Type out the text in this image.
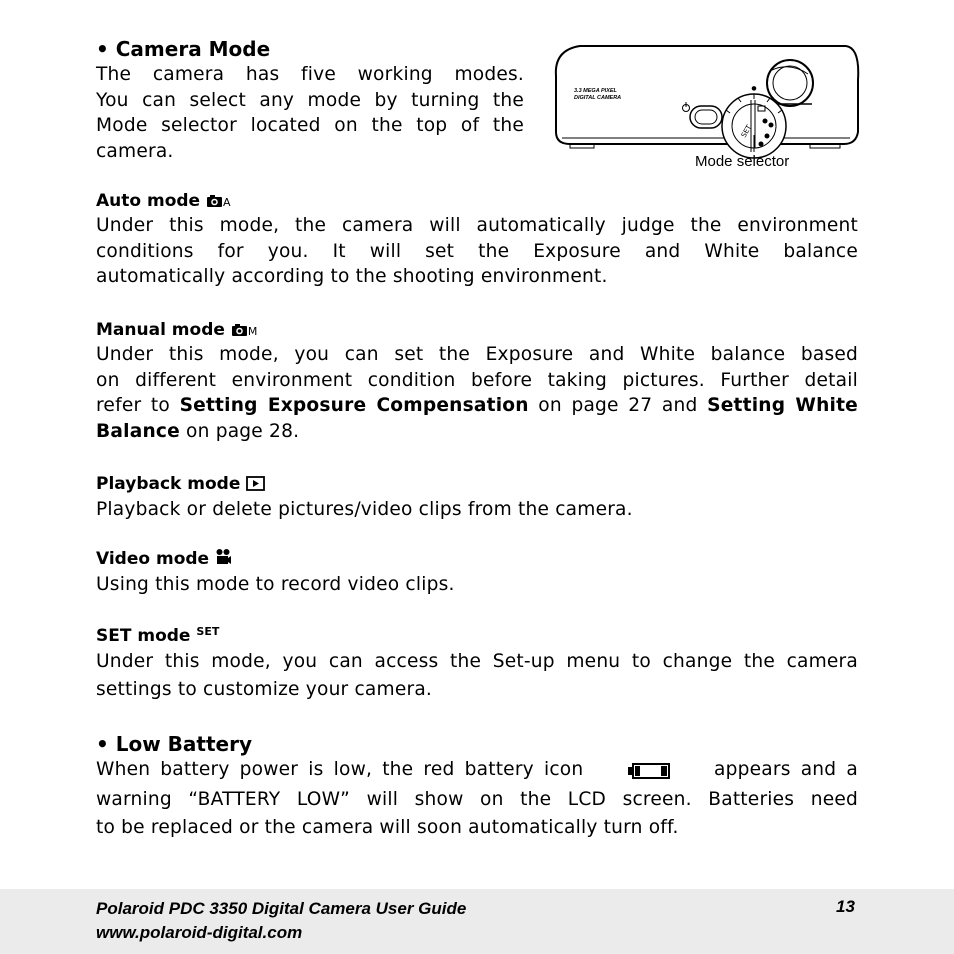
• Camera Mode
The camera has five working modes.
You can select any mode by turning the
Mode selector located on the top of the
camera.
●
SET
3.3 MEGA PIXEL
DIGITAL CAMERA
Mode selector
Auto mode A
Under this mode, the camera will automatically judge the environment
conditions for you. It will set the Exposure and White balance
automatically according to the shooting environment.
Manual mode M
Under this mode, you can set the Exposure and White balance based
on different environment condition before taking pictures. Further detail
refer to Setting Exposure Compensation on page 27 and Setting White
Balance on page 28.
Playback mode
Playback or delete pictures/video clips from the camera.
Video mode
Using this mode to record video clips.
SET mode $^{SET}$
Under this mode, you can access the Set-up menu to change the camera
settings to customize your camera.
• Low Battery
When battery power is low, the red battery icon	appears and a
warning “BATTERY LOW” will show on the LCD screen. Batteries need
to be replaced or the camera will soon automatically turn off.
Polaroid PDC 3350 Digital Camera User Guide
www.polaroid-digital.com
13
